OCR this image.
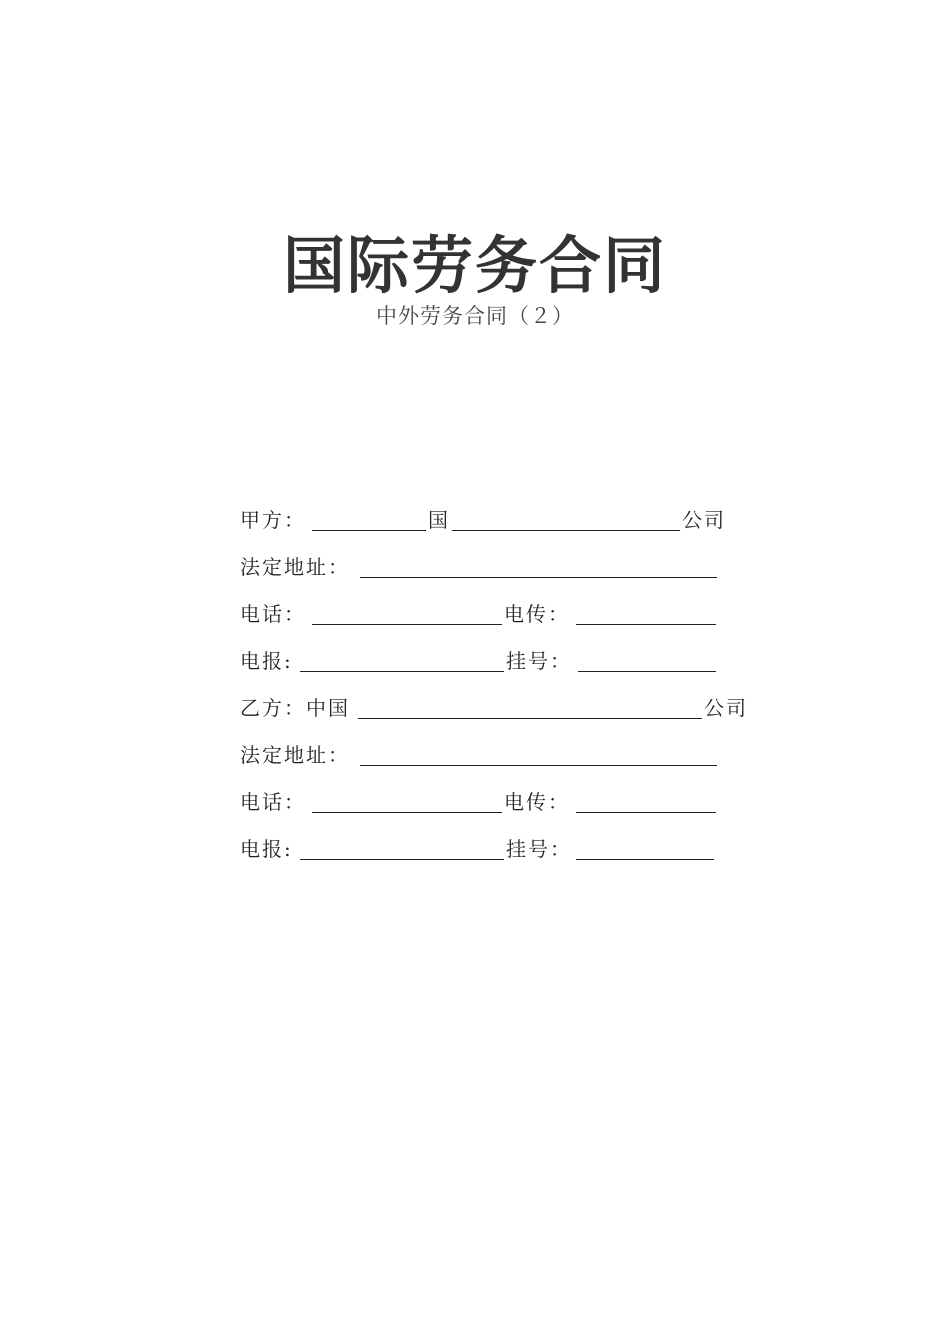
国际劳务合同
中外劳务合同（２）
甲方：	国	公司
法定地址：
电话：	电传：
电报:	挂号：
乙方：中国	公司
法定地址：
电话：	电传：
电报:	挂号：
